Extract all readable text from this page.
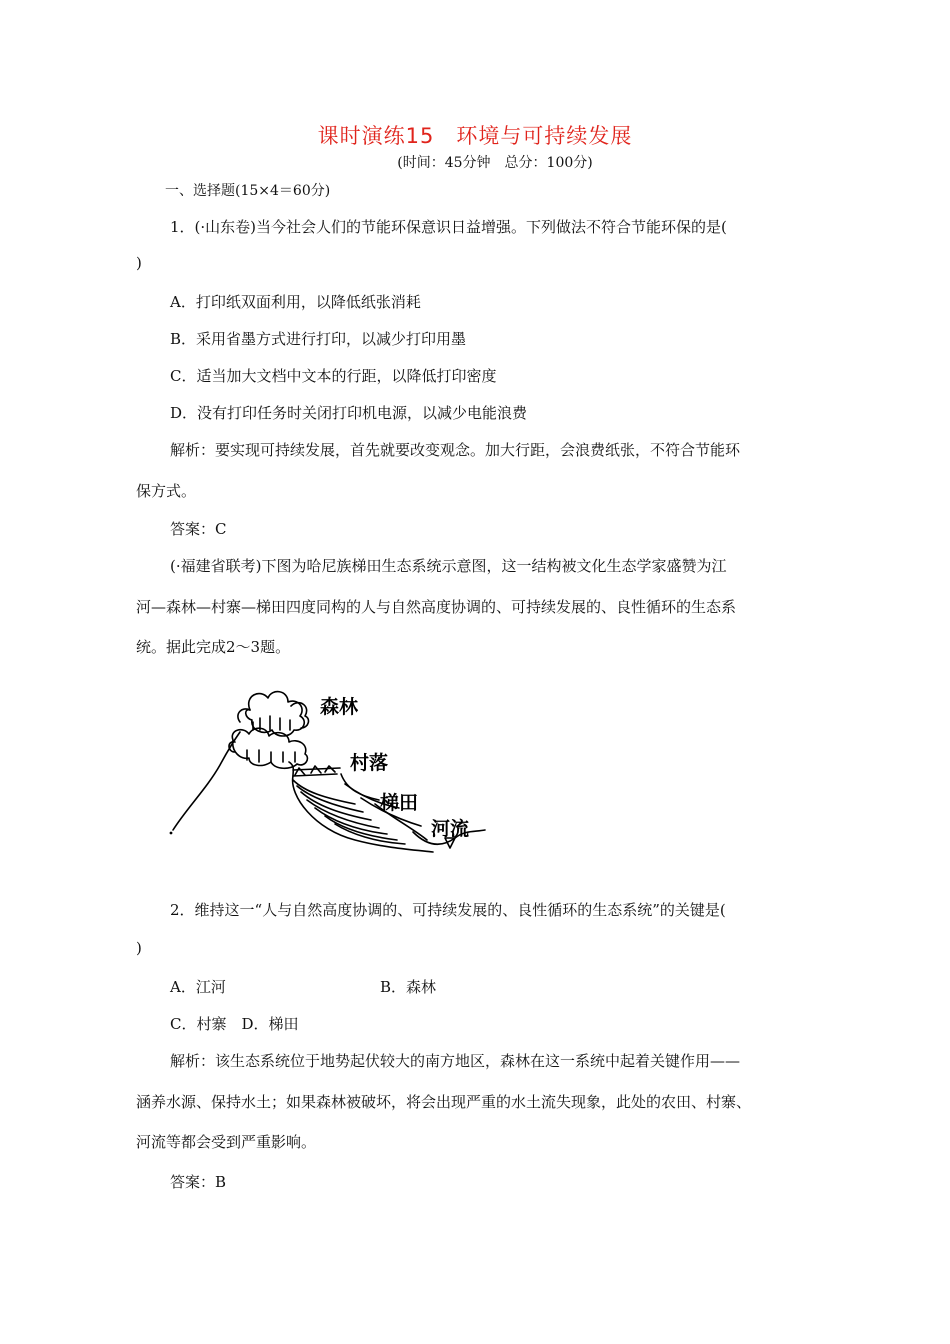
课时演练15　环境与可持续发展
(时间：45分钟　总分：100分)
一、选择题(15×4＝60分)
1．(·山东卷)当今社会人们的节能环保意识日益增强。下列做法不符合节能环保的是(
)
A．打印纸双面利用，以降低纸张消耗
B．采用省墨方式进行打印，以减少打印用墨
C．适当加大文档中文本的行距，以降低打印密度
D．没有打印任务时关闭打印机电源，以减少电能浪费
解析：要实现可持续发展，首先就要改变观念。加大行距，会浪费纸张，不符合节能环
保方式。
答案：C
(·福建省联考)下图为哈尼族梯田生态系统示意图，这一结构被文化生态学家盛赞为江
河—森林—村寨—梯田四度同构的人与自然高度协调的、可持续发展的、良性循环的生态系
统。据此完成2～3题。
森林
村落
梯田
河流
2．维持这一“人与自然高度协调的、可持续发展的、良性循环的生态系统”的关键是(
)
A．江河	B．森林
C．村寨　D．梯田
解析：该生态系统位于地势起伏较大的南方地区，森林在这一系统中起着关键作用——
涵养水源、保持水土；如果森林被破坏，将会出现严重的水土流失现象，此处的农田、村寨、
河流等都会受到严重影响。
答案：B
